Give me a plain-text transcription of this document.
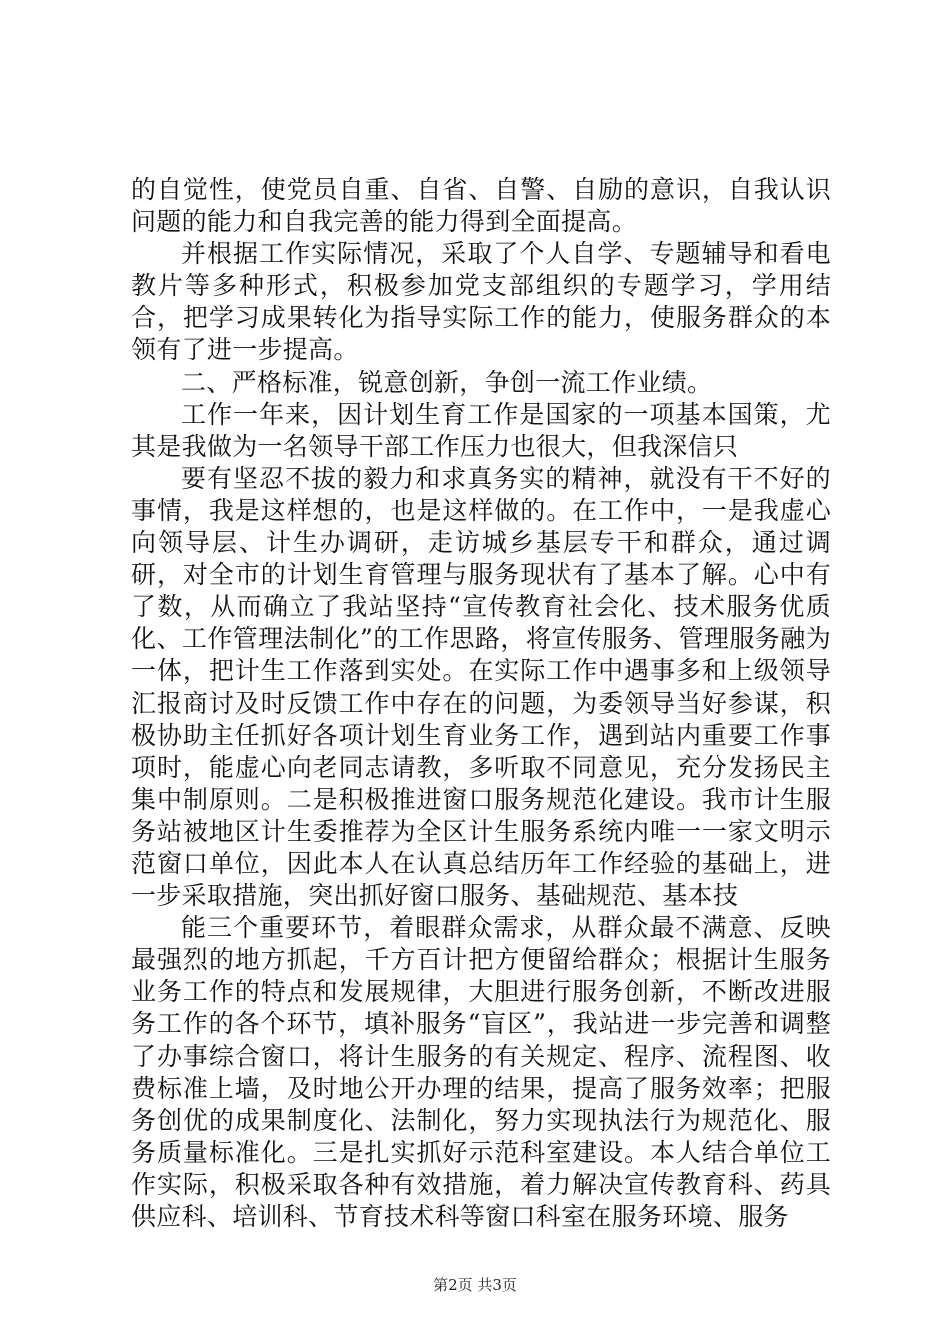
的自觉性，使党员自重、自省、自警、自励的意识，自我认识问题的能力和自我完善的能力得到全面提高。

并根据工作实际情况，采取了个人自学、专题辅导和看电教片等多种形式，积极参加党支部组织的专题学习，学用结合，把学习成果转化为指导实际工作的能力，使服务群众的本领有了进一步提高。

二、严格标准，锐意创新，争创一流工作业绩。

工作一年来，因计划生育工作是国家的一项基本国策，尤其是我做为一名领导干部工作压力也很大，但我深信只

要有坚忍不拔的毅力和求真务实的精神，就没有干不好的事情，我是这样想的，也是这样做的。在工作中，一是我虚心向领导层、计生办调研，走访城乡基层专干和群众，通过调研，对全市的计划生育管理与服务现状有了基本了解。心中有了数，从而确立了我站坚持“宣传教育社会化、技术服务优质化、工作管理法制化”的工作思路，将宣传服务、管理服务融为一体，把计生工作落到实处。在实际工作中遇事多和上级领导汇报商讨及时反馈工作中存在的问题，为委领导当好参谋，积极协助主任抓好各项计划生育业务工作，遇到站内重要工作事项时，能虚心向老同志请教，多听取不同意见，充分发扬民主集中制原则。二是积极推进窗口服务规范化建设。我市计生服务站被地区计生委推荐为全区计生服务系统内唯一一家文明示范窗口单位，因此本人在认真总结历年工作经验的基础上，进一步采取措施，突出抓好窗口服务、基础规范、基本技

能三个重要环节，着眼群众需求，从群众最不满意、反映最强烈的地方抓起，千方百计把方便留给群众；根据计生服务业务工作的特点和发展规律，大胆进行服务创新，不断改进服务工作的各个环节，填补服务“盲区”，我站进一步完善和调整了办事综合窗口，将计生服务的有关规定、程序、流程图、收费标准上墙，及时地公开办理的结果，提高了服务效率；把服务创优的成果制度化、法制化，努力实现执法行为规范化、服务质量标准化。三是扎实抓好示范科室建设。本人结合单位工作实际，积极采取各种有效措施，着力解决宣传教育科、药具供应科、培训科、节育技术科等窗口科室在服务环境、服务

第2页 共3页
